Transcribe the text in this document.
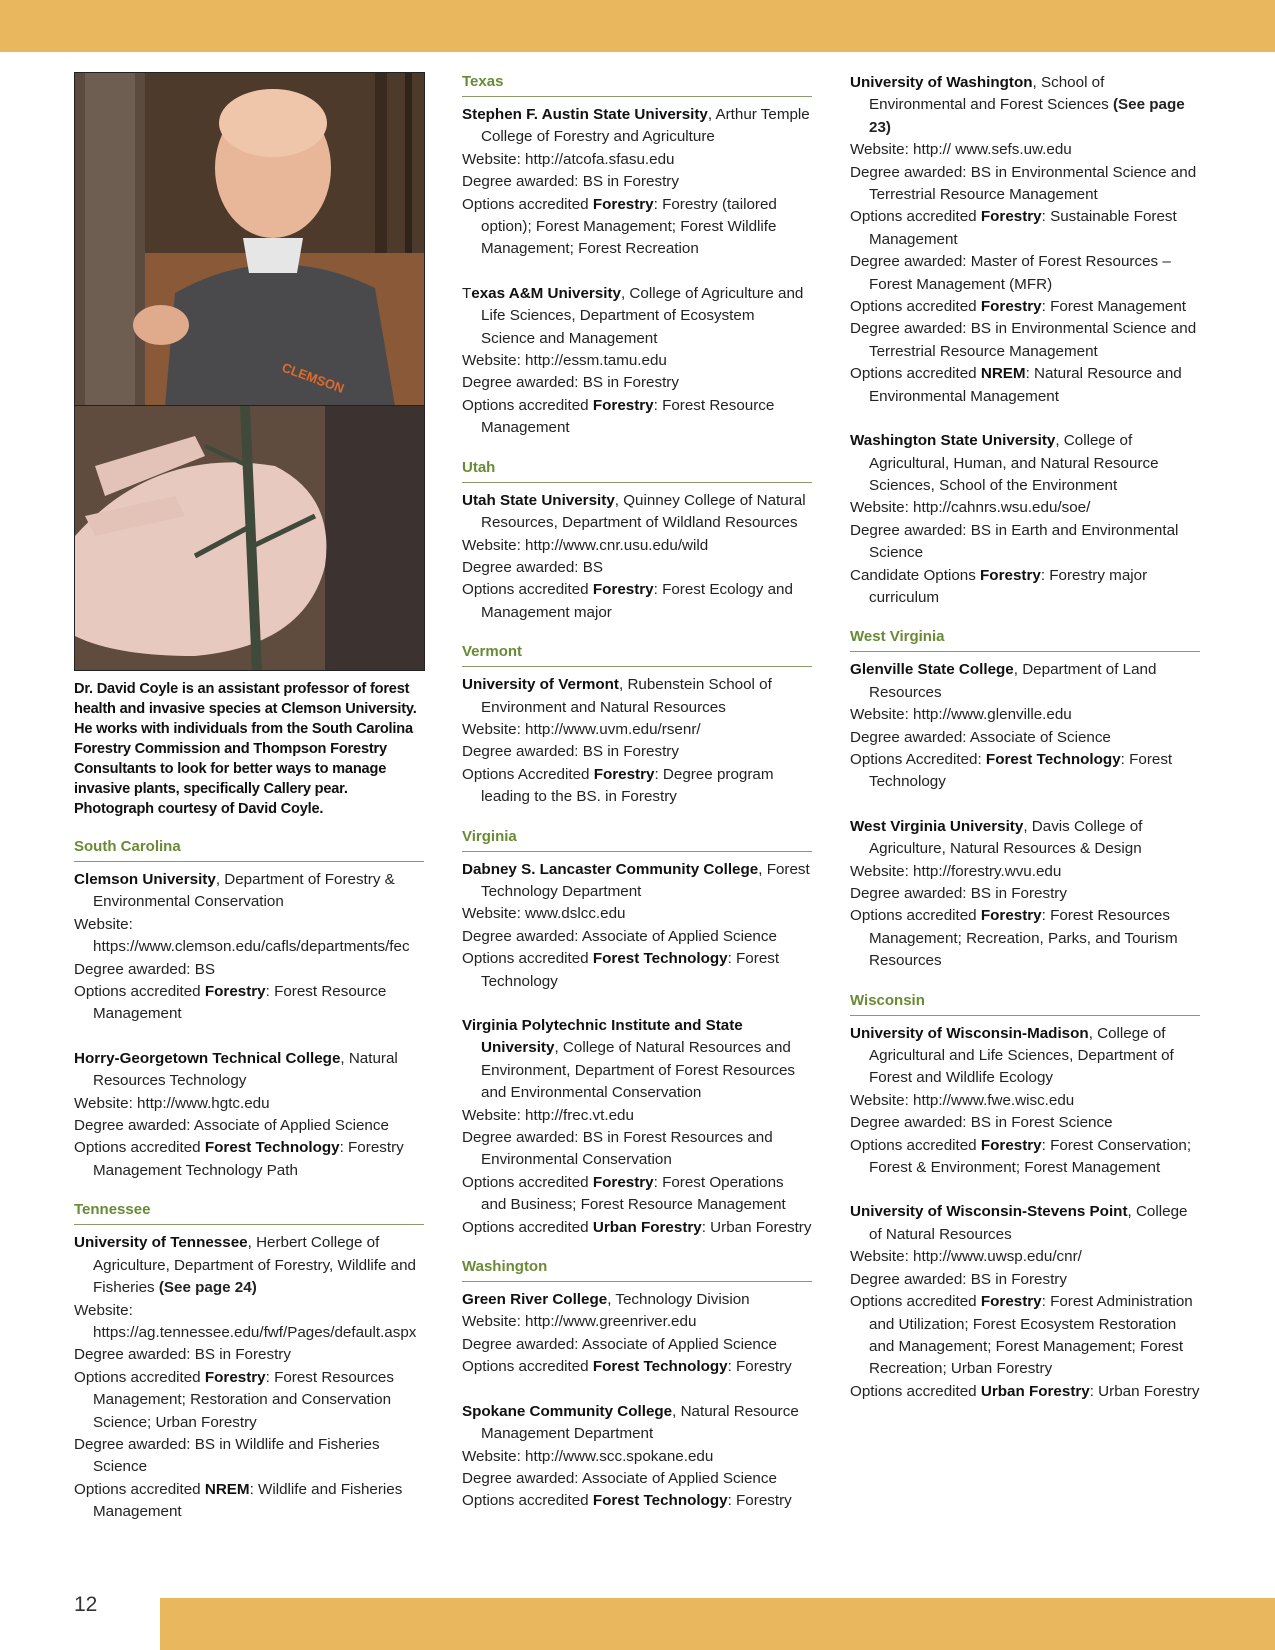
CLEMSON

Dr. David Coyle is an assistant professor of forest health and invasive species at Clemson University. He works with individuals from the South Carolina Forestry Commission and Thompson Forestry Consultants to look for better ways to manage invasive plants, specifically Callery pear. Photograph courtesy of David Coyle.

South Carolina
Clemson University, Department of Forestry & Environmental Conservation
Website: https://www.clemson.edu/cafls/departments/fec
Degree awarded: BS
Options accredited Forestry: Forest Resource Management
Horry-Georgetown Technical College, Natural Resources Technology
Website: http://www.hgtc.edu
Degree awarded: Associate of Applied Science
Options accredited Forest Technology: Forestry Management Technology Path
Tennessee
University of Tennessee, Herbert College of Agriculture, Department of Forestry, Wildlife and Fisheries (See page 24)
Website: https://ag.tennessee.edu/fwf/Pages/default.aspx
Degree awarded: BS in Forestry
Options accredited Forestry: Forest Resources Management; Restoration and Conservation Science; Urban Forestry
Degree awarded: BS in Wildlife and Fisheries Science
Options accredited NREM: Wildlife and Fisheries Management
Texas
Stephen F. Austin State University, Arthur Temple College of Forestry and Agriculture
Website: http://atcofa.sfasu.edu
Degree awarded: BS in Forestry
Options accredited Forestry: Forestry (tailored option); Forest Management; Forest Wildlife Management; Forest Recreation
Texas A&M University, College of Agriculture and Life Sciences, Department of Ecosystem Science and Management
Website: http://essm.tamu.edu
Degree awarded: BS in Forestry
Options accredited Forestry: Forest Resource Management
Utah
Utah State University, Quinney College of Natural Resources, Department of Wildland Resources
Website: http://www.cnr.usu.edu/wild
Degree awarded: BS
Options accredited Forestry: Forest Ecology and Management major
Vermont
University of Vermont, Rubenstein School of Environment and Natural Resources
Website: http://www.uvm.edu/rsenr/
Degree awarded: BS in Forestry
Options Accredited Forestry: Degree program leading to the BS. in Forestry
Virginia
Dabney S. Lancaster Community College, Forest Technology Department
Website: www.dslcc.edu
Degree awarded: Associate of Applied Science
Options accredited Forest Technology: Forest Technology
Virginia Polytechnic Institute and State University, College of Natural Resources and Environment, Department of Forest Resources and Environmental Conservation
Website: http://frec.vt.edu
Degree awarded: BS in Forest Resources and Environmental Conservation
Options accredited Forestry: Forest Operations and Business; Forest Resource Management
Options accredited Urban Forestry: Urban Forestry
Washington
Green River College, Technology Division
Website: http://www.greenriver.edu
Degree awarded: Associate of Applied Science
Options accredited Forest Technology: Forestry
Spokane Community College, Natural Resource Management Department
Website: http://www.scc.spokane.edu
Degree awarded: Associate of Applied Science
Options accredited Forest Technology: Forestry
University of Washington, School of Environmental and Forest Sciences (See page 23)
Website: http:// www.sefs.uw.edu
Degree awarded: BS in Environmental Science and Terrestrial Resource Management
Options accredited Forestry: Sustainable Forest Management
Degree awarded: Master of Forest Resources – Forest Management (MFR)
Options accredited Forestry: Forest Management
Degree awarded: BS in Environmental Science and Terrestrial Resource Management
Options accredited NREM: Natural Resource and Environmental Management
Washington State University, College of Agricultural, Human, and Natural Resource Sciences, School of the Environment
Website: http://cahnrs.wsu.edu/soe/
Degree awarded: BS in Earth and Environmental Science
Candidate Options Forestry: Forestry major curriculum
West Virginia
Glenville State College, Department of Land Resources
Website: http://www.glenville.edu
Degree awarded: Associate of Science
Options Accredited: Forest Technology: Forest Technology
West Virginia University, Davis College of Agriculture, Natural Resources & Design
Website: http://forestry.wvu.edu
Degree awarded: BS in Forestry
Options accredited Forestry: Forest Resources Management; Recreation, Parks, and Tourism Resources
Wisconsin
University of Wisconsin-Madison, College of Agricultural and Life Sciences, Department of Forest and Wildlife Ecology
Website: http://www.fwe.wisc.edu
Degree awarded: BS in Forest Science
Options accredited Forestry: Forest Conservation; Forest & Environment; Forest Management
University of Wisconsin-Stevens Point, College of Natural Resources
Website: http://www.uwsp.edu/cnr/
Degree awarded: BS in Forestry
Options accredited Forestry: Forest Administration and Utilization; Forest Ecosystem Restoration and Management; Forest Management; Forest Recreation; Urban Forestry
Options accredited Urban Forestry: Urban Forestry
12
